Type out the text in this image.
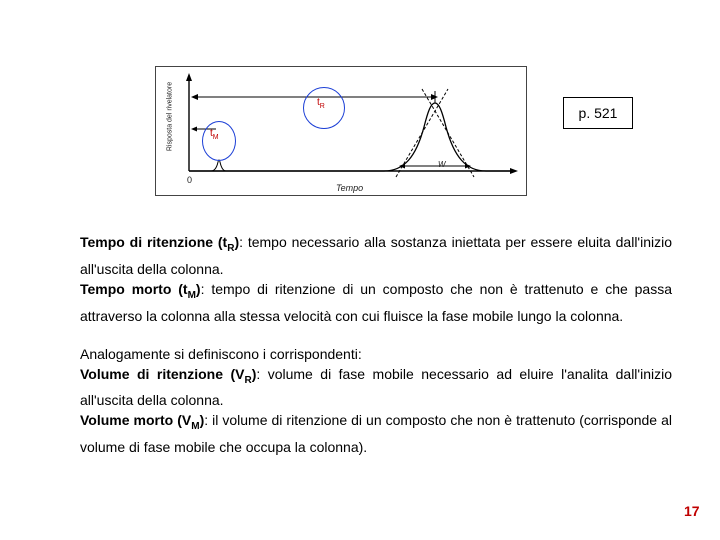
Risposta del rivelatore
Tempo
0
W
$t_R$
$t_M$
p. 521

Tempo di ritenzione $(t_R)$: tempo necessario alla sostanza iniettata per essere eluita dall'inizio all'uscita della colonna.

Tempo morto $(t_M)$: tempo di ritenzione di un composto che non è trattenuto e che passa attraverso la colonna alla stessa velocità con cui fluisce la fase mobile lungo la colonna.

Analogamente si definiscono i corrispondenti:

Volume di ritenzione $(V_R)$: volume di fase mobile necessario ad eluire l'analita dall'inizio all'uscita della colonna.

Volume morto $(V_M)$: il volume di ritenzione di un composto che non è trattenuto (corrisponde al volume di fase mobile che occupa la colonna).

17
